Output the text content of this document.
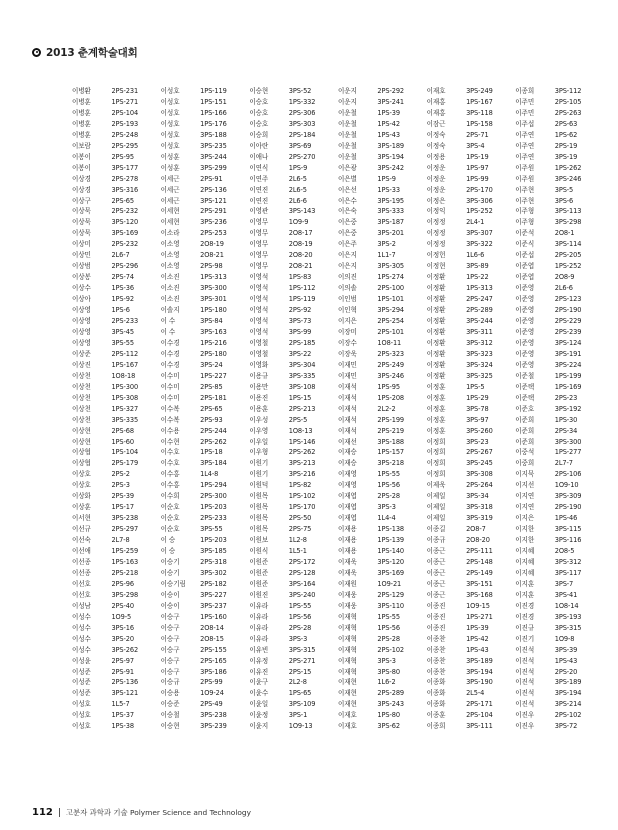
2013 춘계학술대회
이병환	2PS-231	이성호	1PS-119	이승현	3PS-52	이운지	2PS-292	이재호	3PS-249	이종희	3PS-112
이병훈	1PS-271	이성호	1PS-151	이승호	1PS-332	이운지	3PS-241	이재홍	1PS-167	이주민	2PS-105
이병훈	2PS-104	이성호	1PS-166	이승호	2PS-306	이운철	1PS-39	이재홍	3PS-118	이주민	2PS-263
이병훈	2PS-193	이성호	1PS-176	이승호	3PS-303	이운철	1PS-42	이잠근	1PS-158	이주섭	2PS-63
이병훈	2PS-248	이성호	3PS-188	이승희	2PS-184	이운철	1PS-43	이정숙	2PS-71	이주연	1PS-62
이보람	2PS-295	이성호	3PS-235	이아란	3PS-69	이운철	3PS-189	이정숙	3PS-4	이주연	2PS-19
이봉이	2PS-95	이성훈	3PS-244	이애나	2PS-270	이운철	3PS-194	이정용	1PS-19	이주연	3PS-19
이봉이	3PS-177	이성훈	3PS-299	이연식	1PS-9	이은광	3PS-242	이정운	1PS-97	이주원	1PS-262
이상경	2PS-278	이세근	2PS-91	이연주	2L6-5	이은별	1PS-9	이정운	1PS-99	이주원	3PS-246
이상경	3PS-316	이세근	2PS-136	이연진	2L6-5	이은선	1PS-33	이정운	2PS-170	이주현	3PS-5
이상구	2PS-65	이세근	3PS-121	이연진	2L6-6	이은수	3PS-195	이정은	3PS-306	이주현	3PS-6
이상묵	2PS-232	이세현	2PS-291	이영관	3PS-143	이은숙	3PS-333	이정익	1PS-252	이주형	3PS-113
이상묵	3PS-120	이세현	3PS-236	이영무	1O9-9	이은중	3PS-187	이정정	2L4-1	이주형	3PS-298
이상묵	3PS-169	이소라	2PS-253	이영무	2O8-17	이은중	3PS-201	이정정	3PS-307	이준석	2O8-1
이상미	2PS-232	이소영	2O8-19	이영무	2O8-19	이은주	3PS-2	이정정	3PS-322	이준식	3PS-114
이상민	2L6-7	이소영	2O8-21	이영무	2O8-20	이은지	1L1-7	이정헌	1L6-6	이준섭	2PS-205
이상범	2PS-296	이소영	2PS-98	이영무	2O8-21	이은지	3PS-305	이정현	3PS-89	이준엽	1PS-252
이상봉	2PS-74	이소진	1PS-313	이영석	1PS-83	이의진	1PS-274	이정환	1PS-22	이준엽	2O8-9
이상수	1PS-36	이소진	3PS-300	이영석	1PS-112	이의솔	2PS-100	이정환	1PS-313	이준영	2L6-6
이상아	1PS-92	이소진	3PS-301	이영석	1PS-119	이인범	1PS-101	이정환	2PS-247	이준영	2PS-123
이상영	1PS-6	이솔지	1PS-180	이영석	2PS-92	이인혁	3PS-294	이정환	2PS-289	이준영	2PS-190
이상영	2PS-233	이 수	3PS-84	이영석	3PS-73	이지은	2PS-254	이정환	3PS-244	이준영	2PS-229
이상영	3PS-45	이 수	3PS-163	이영석	3PS-99	이장미	2PS-101	이정환	3PS-311	이준영	2PS-239
이상영	3PS-55	이수경	1PS-216	이영철	2PS-185	이장수	1O8-11	이정환	3PS-312	이준영	3PS-124
이상준	2PS-112	이수경	2PS-180	이영철	3PS-22	이장욱	2PS-323	이정환	3PS-323	이준영	3PS-191
이상진	1PS-167	이수경	3PS-24	이영화	3PS-304	이재민	2PS-249	이정환	3PS-324	이준영	3PS-224
이상천	1O8-18	이수미	1PS-227	이용규	3PS-335	이재민	3PS-246	이정환	3PS-325	이준철	1PS-199
이상천	1PS-300	이수미	2PS-85	이용만	3PS-108	이재석	1PS-95	이정훈	1PS-5	이준택	1PS-169
이상천	1PS-308	이수미	2PS-181	이용진	1PS-15	이재석	1PS-208	이정훈	1PS-29	이준택	2PS-23
이상천	1PS-327	이수복	2PS-65	이용훈	2PS-213	이재석	2L2-2	이정훈	3PS-78	이준호	3PS-192
이상천	3PS-335	이수복	2PS-93	이우성	2PS-5	이재석	2PS-199	이정훈	3PS-97	이준희	1PS-30
이상현	2PS-68	이수용	2PS-244	이우영	1O8-13	이재석	2PS-219	이정훈	3PS-260	이준희	2PS-34
이상현	1PS-60	이수현	2PS-262	이우일	1PS-146	이재선	3PS-188	이정희	3PS-23	이준희	3PS-300
이상협	1PS-104	이수호	1PS-18	이우형	2PS-262	이재승	1PS-157	이정희	2PS-267	이중석	1PS-277
이상협	2PS-179	이수호	3PS-184	이원기	3PS-213	이재승	3PS-218	이정희	3PS-245	이중희	2L7-7
이상호	2PS-2	이수홍	1L4-8	이원기	3PS-216	이재영	1PS-55	이정희	3PS-308	이지묵	2PS-106
이상호	2PS-3	이수홍	1PS-294	이원덕	1PS-82	이재영	1PS-56	이제욱	2PS-264	이지선	1O9-10
이상화	2PS-39	이수희	2PS-300	이원목	1PS-102	이재엽	2PS-28	이제일	3PS-34	이지연	3PS-309
이상훈	1PS-17	이순호	1PS-203	이원목	1PS-170	이재엽	3PS-3	이제일	3PS-318	이지연	2PS-190
이서현	3PS-238	이순호	2PS-233	이원목	2PS-50	이재엽	1L4-4	이제일	3PS-319	이지은	1PS-46
이선규	2PS-297	이순호	3PS-55	이원목	2PS-75	이재용	1PS-138	이종길	2O8-7	이지한	3PS-115
이선숙	2L7-8	이 승	1PS-203	이원보	1L2-8	이재용	1PS-139	이종규	2O8-20	이지한	3PS-116
이선애	1PS-259	이 승	3PS-185	이원식	1L5-1	이재용	1PS-140	이종근	2PS-111	이지혜	2O8-5
이선종	1PS-163	이승기	2PS-318	이원준	2PS-172	이재욱	3PS-120	이종근	2PS-148	이지혜	3PS-312
이선종	2PS-218	이승기	3PS-302	이원준	2PS-128	이재욱	3PS-169	이종근	2PS-149	이지혜	3PS-117
이선호	2PS-96	이승기림	2PS-182	이원준	3PS-164	이재원	1O9-21	이종근	3PS-151	이지훈	3PS-7
이선호	3PS-298	이승이	3PS-227	이원진	3PS-240	이재웅	2PS-129	이종근	3PS-168	이지훈	3PS-41
이성남	2PS-40	이승이	3PS-237	이유라	1PS-55	이재웅	3PS-110	이종진	1O9-15	이진경	1O8-14
이성수	1O9-5	이승구	1PS-160	이유라	1PS-56	이재혁	1PS-55	이종진	1PS-271	이진경	3PS-193
이성수	3PS-16	이승구	2O8-14	이유라	2PS-28	이재혁	1PS-56	이종진	1PS-39	이진규	3PS-315
이성수	3PS-20	이승구	2O8-15	이유라	3PS-3	이재혁	2PS-28	이종찬	1PS-42	이진기	1O9-8
이성수	3PS-262	이승구	2PS-155	이유빈	3PS-315	이재혁	2PS-102	이종찬	1PS-43	이진석	3PS-39
이성윤	2PS-97	이승구	2PS-165	이유정	2PS-271	이재혁	3PS-3	이종찬	3PS-189	이진석	1PS-43
이성준	2PS-91	이승구	3PS-186	이유진	2PS-15	이재혁	3PS-80	이종찬	3PS-194	이진석	2PS-20
이성준	2PS-136	이승규	2PS-99	이윤구	2L2-8	이재현	1L6-2	이종화	3PS-190	이진석	3PS-189
이성준	3PS-121	이승용	1O9-24	이윤수	1PS-65	이재현	2PS-289	이종화	2L5-4	이진석	3PS-194
이성호	1L5-7	이승준	2PS-49	이윤일	3PS-109	이재현	3PS-243	이종화	2PS-171	이진석	3PS-214
이성호	1PS-37	이승철	3PS-238	이윤정	3PS-1	이재호	1PS-80	이종훈	2PS-104	이진우	2PS-102
이성호	1PS-38	이승현	3PS-239	이윤지	1O9-13	이재호	3PS-62	이종희	3PS-111	이진우	3PS-72
112 고분자 과학과 기술 Polymer Science and Technology
